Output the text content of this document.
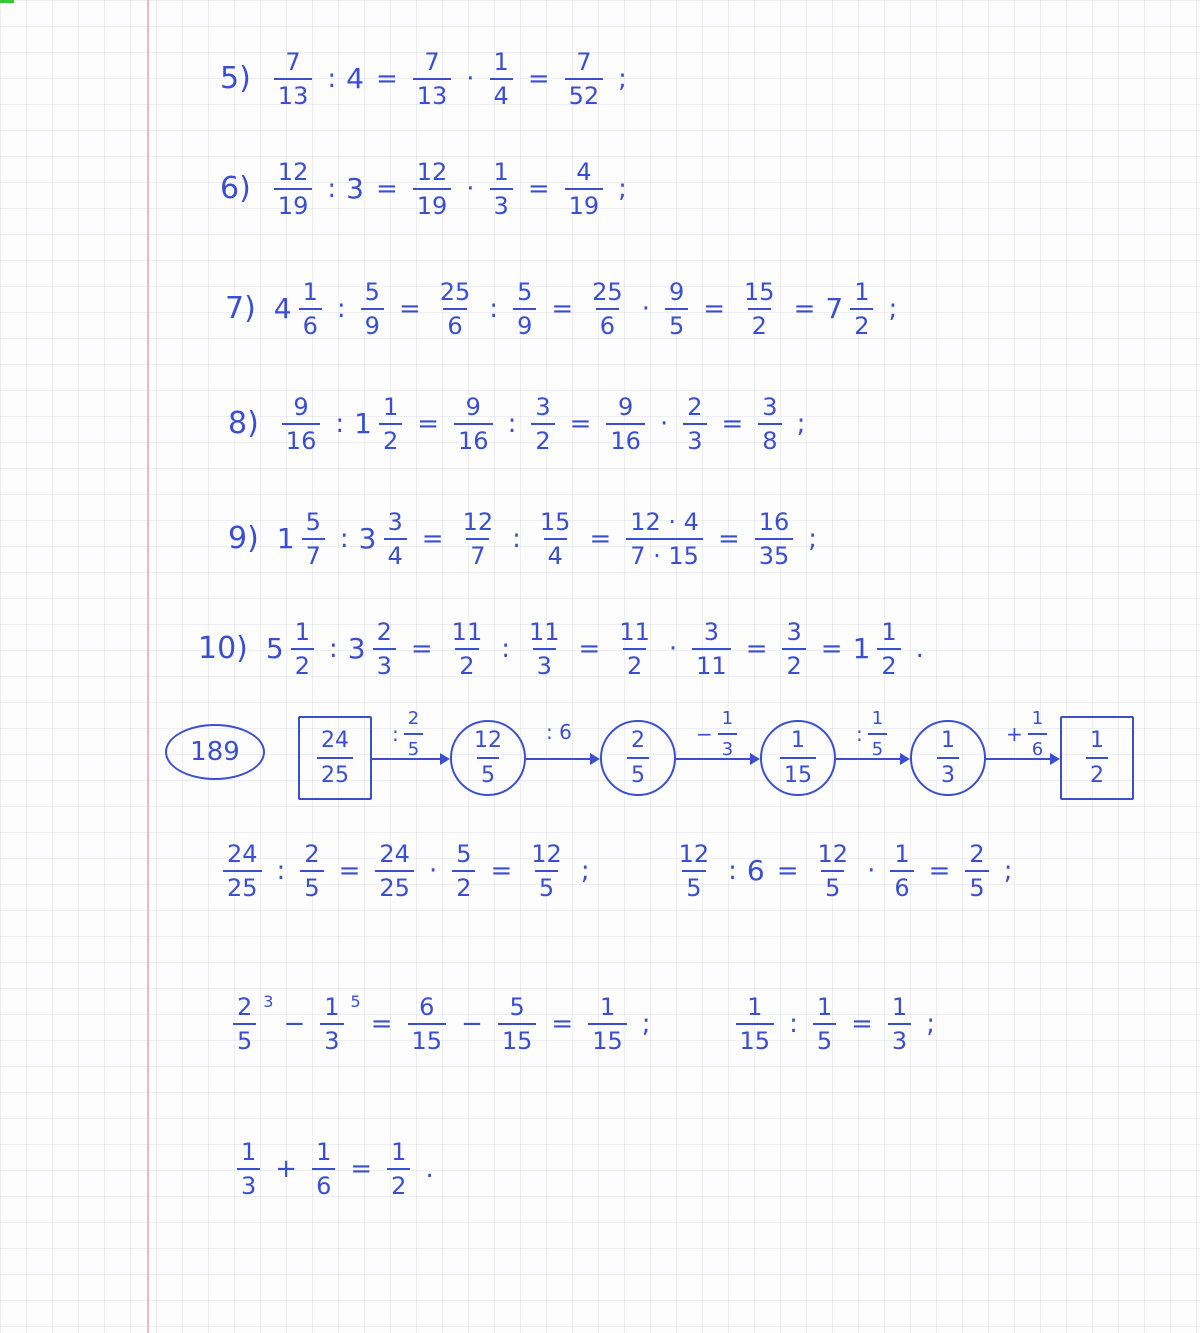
$5) \frac{7}{13}$ : $4 = \frac{7}{13} \cdot \frac{1}{4} = \frac{7}{52}$ ;
$6) \frac{12}{19}$ : $3 = \frac{12}{19} \cdot \frac{1}{3} = \frac{4}{19}$ ;
7) $4 \frac{1}{6}$ : $\frac{5}{9} = \frac{25}{6}$ : $\frac{5}{9} = \frac{25}{6} \cdot \frac{9}{5} = \frac{15}{2} = 7 \frac{1}{2}$ ;
$8) \frac{9}{16}$ : $1 \frac{1}{2} = \frac{9}{16}$ : $\frac{3}{2} = \frac{9}{16} \cdot \frac{2}{3} = \frac{3}{8}$ ;
9) $1 \frac{5}{7}$ : $3 \frac{3}{4} = \frac{12}{7}$ : $\frac{15}{4} = \frac{12 \cdot 4}{7 \cdot 15} = \frac{16}{35}$ ;
10) $5 \frac{1}{2}$ : $3 \frac{2}{3} = \frac{11}{2}$ : $\frac{11}{3} = \frac{11}{2} \cdot \frac{3}{11} = \frac{3}{2} = 1 \frac{1}{2}$ .
$\frac{24}{25}$ : $\frac{2}{5} = \frac{24}{25} \cdot \frac{5}{2} = \frac{12}{5}$ ;	$\frac{12}{5}$ : $6 = \frac{12}{5} \cdot \frac{1}{6} = \frac{2}{5}$ ;
$\frac{2}{5} 3$
− $\frac{1}{3} 5$
= $\frac{6}{15} - \frac{5}{15} = \frac{1}{15}$ ;	$\frac{1}{15}$ : $\frac{1}{5} = \frac{1}{3}$ ;
$\frac{1}{3} + \frac{1}{6} = \frac{1}{2}$ .
189	$\frac{24}{25}$	$\frac{12}{5}$	$\frac{2}{5}$	$\frac{1}{15}$	$\frac{1}{3}$	$\frac{1}{2}$
: $\frac{2}{5}$	: 6	− $\frac{1}{3}$	: $\frac{1}{5}$	+ $\frac{1}{6}$
